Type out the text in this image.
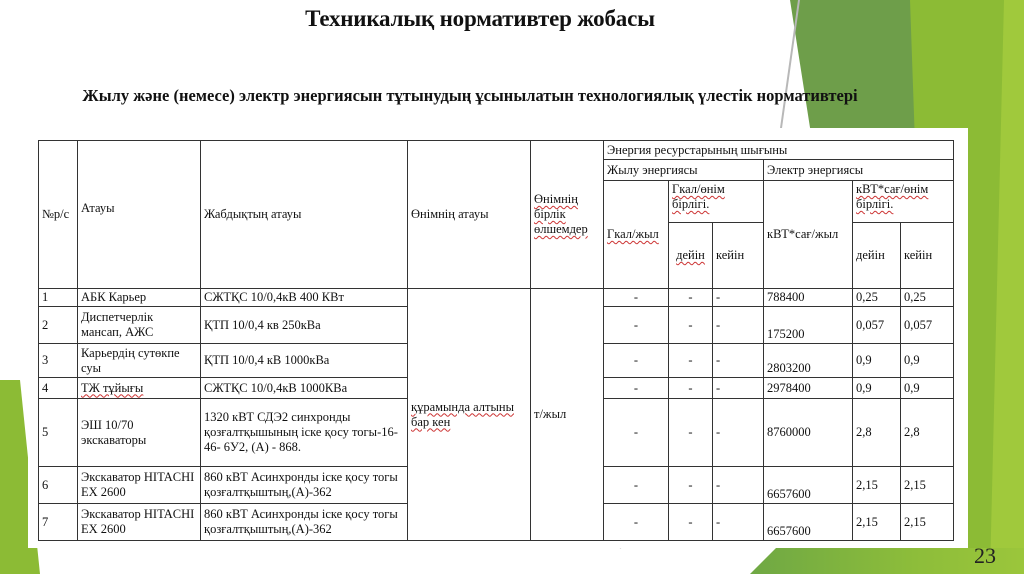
Техникалық нормативтер жобасы
Жылу және (немесе) электр энергиясын тұтынудың ұсынылатын технологиялық үлестік нормативтері
№р/с	Атауы	Жабдықтың атауы	Өнімнің атауы	Өнімнің бірлік өлшемдер	Энергия ресурстарының шығыны					
					Жылу энергиясы			Электр энергиясы		
					Гкал/жыл	Гкал/өнім бірлігі.		кВТ*сағ/жыл	кВТ*сағ/өнім бірлігі.	
						дейін	кейін		дейін	кейін
1	АБК Карьер	СЖТҚС 10/0,4кВ 400 КВт	құрамында алтыны бар кен	т/жыл	-	-	-	788400	0,25	0,25
2	Диспетчерлік мансап, АЖС	ҚТП 10/0,4 кв 250кВа			-	-	-	175200	0,057	0,057
3	Карьердің сутөкпе суы	ҚТП 10/0,4 кВ 1000кВа			-	-	-	2803200	0,9	0,9
4	ТЖ тұйығы	СЖТҚС 10/0,4кВ 1000КВа			-	-	-	2978400	0,9	0,9
5	ЭШ 10/70 экскаваторы	1320 кВТ СДЭ2 синхронды қозғалтқышының іске қосу тогы-16-46- 6У2, (А) - 868.			-	-	-	8760000	2,8	2,8
6	Экскаватор HITACHI EX 2600	860 кВТ Асинхронды іске қосу тогы қозғалтқыштың,(А)-362			-	-	-	6657600	2,15	2,15
7	Экскаватор HITACHI EX 2600	860 кВТ Асинхронды іске қосу тогы қозғалтқыштың,(А)-362			-	-	-	6657600	2,15	2,15
23
